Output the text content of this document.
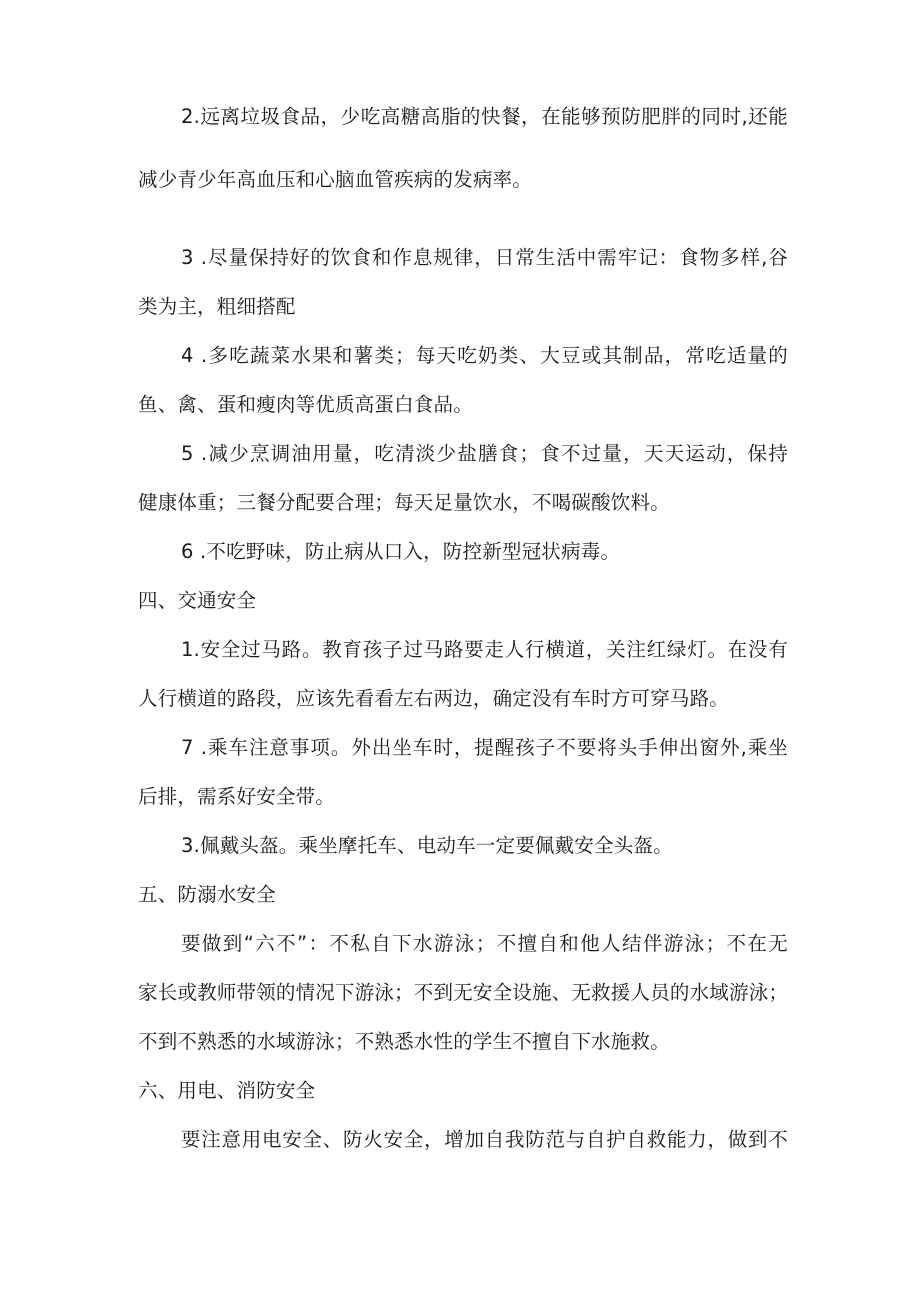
2.远离垃圾食品，少吃高糖高脂的快餐，在能够预防肥胖的同时,还能
减少青少年高血压和心脑血管疾病的发病率。
3 .尽量保持好的饮食和作息规律，日常生活中需牢记：食物多样,谷
类为主，粗细搭配
4 .多吃蔬菜水果和薯类；每天吃奶类、大豆或其制品，常吃适量的
鱼、禽、蛋和瘦肉等优质高蛋白食品。
5 .减少烹调油用量，吃清淡少盐膳食；食不过量，天天运动，保持
健康体重；三餐分配要合理；每天足量饮水，不喝碳酸饮料。
6 .不吃野味，防止病从口入，防控新型冠状病毒。
四、交通安全
1.安全过马路。教育孩子过马路要走人行横道，关注红绿灯。在没有
人行横道的路段，应该先看看左右两边，确定没有车时方可穿马路。
7 .乘车注意事项。外出坐车时，提醒孩子不要将头手伸出窗外,乘坐
后排，需系好安全带。
3.佩戴头盔。乘坐摩托车、电动车一定要佩戴安全头盔。
五、防溺水安全
要做到“六不”：不私自下水游泳；不擅自和他人结伴游泳；不在无
家长或教师带领的情况下游泳；不到无安全设施、无救援人员的水域游泳；
不到不熟悉的水域游泳；不熟悉水性的学生不擅自下水施救。
六、用电、消防安全
要注意用电安全、防火安全，增加自我防范与自护自救能力，做到不
